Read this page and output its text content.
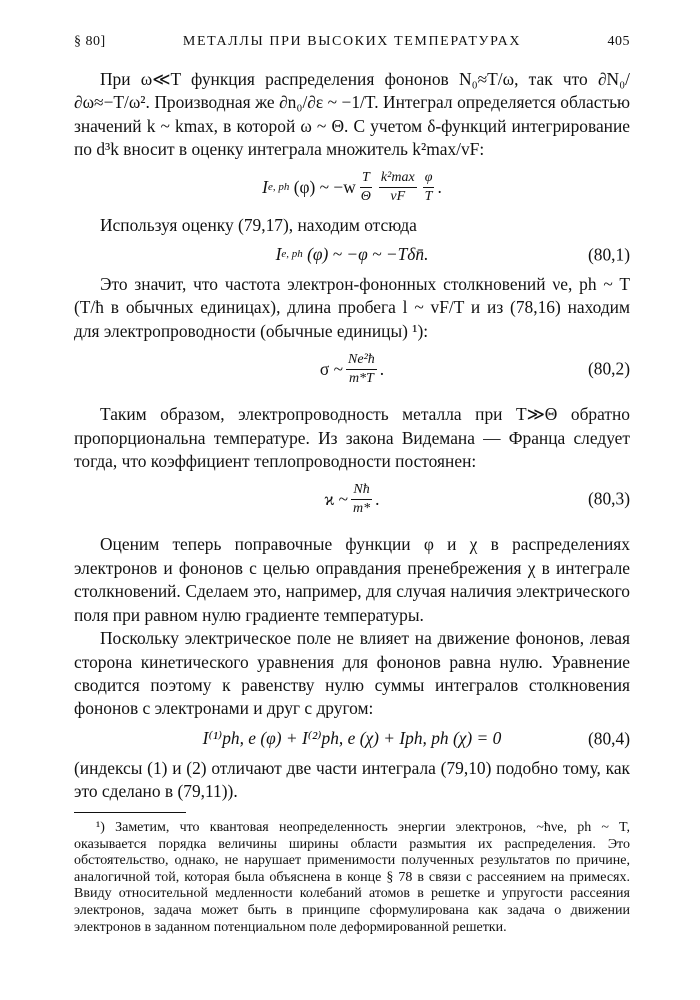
§ 80]	МЕТАЛЛЫ ПРИ ВЫСОКИХ ТЕМПЕРАТУРАХ	405

При ω≪T функция распределения фононов N₀≈T/ω, так что ∂N₀/∂ω≈−T/ω². Производная же ∂n₀/∂ε ~ −1/T. Интеграл определяется областью значений k ~ kmax, в которой ω ~ Θ. С учетом δ-функций интегрирование по d³k вносит в оценку интеграла множитель k²max/vF:

I e, ph
(φ) ~ $-w \frac{T}{\Theta} \frac{\text{k²max}}{vF} \frac{\varphi}{T}$ .

Используя оценку (79,17), находим отсюда

I e, ph
(φ) ~ −φ ~ −Tδn̄.	(80,1)

Это значит, что частота электрон-фононных столкновений νe, ph ~ T (T/ħ в обычных единицах), длина пробега l ~ vF/T и из (78,16) находим для электропроводности (обычные единицы) ¹):

σ ~ $\frac{\text{Ne²ħ}}{m*T}$ .	(80,2)

Таким образом, электропроводность металла при T≫Θ обратно пропорциональна температуре. Из закона Видемана — Франца следует тогда, что коэффициент теплопроводности постоянен:

ϰ ~ $\frac{Nħ}{m*}$ .	(80,3)

Оценим теперь поправочные функции φ и χ в распределениях электронов и фононов с целью оправдания пренебрежения χ в интеграле столкновений. Сделаем это, например, для случая наличия электрического поля при равном нулю градиенте температуры.

Поскольку электрическое поле не влияет на движение фононов, левая сторона кинетического уравнения для фононов равна нулю. Уравнение сводится поэтому к равенству нулю суммы интегралов столкновения фононов с электронами и друг с другом:

I⁽¹⁾ph, e (φ) + I⁽²⁾ph, e (χ) + Iph, ph (χ) = 0	(80,4)

(индексы (1) и (2) отличают две части интеграла (79,10) подобно тому, как это сделано в (79,11)).

¹) Заметим, что квантовая неопределенность энергии электронов, ~ħνe, ph ~ T, оказывается порядка величины ширины области размытия их распределения. Это обстоятельство, однако, не нарушает применимости полученных результатов по причине, аналогичной той, которая была объяснена в конце § 78 в связи с рассеянием на примесях. Ввиду относительной медленности колебаний атомов в решетке и упругости рассеяния электронов, задача может быть в принципе сформулирована как задача о движении электронов в заданном потенциальном поле деформированной решетки.
